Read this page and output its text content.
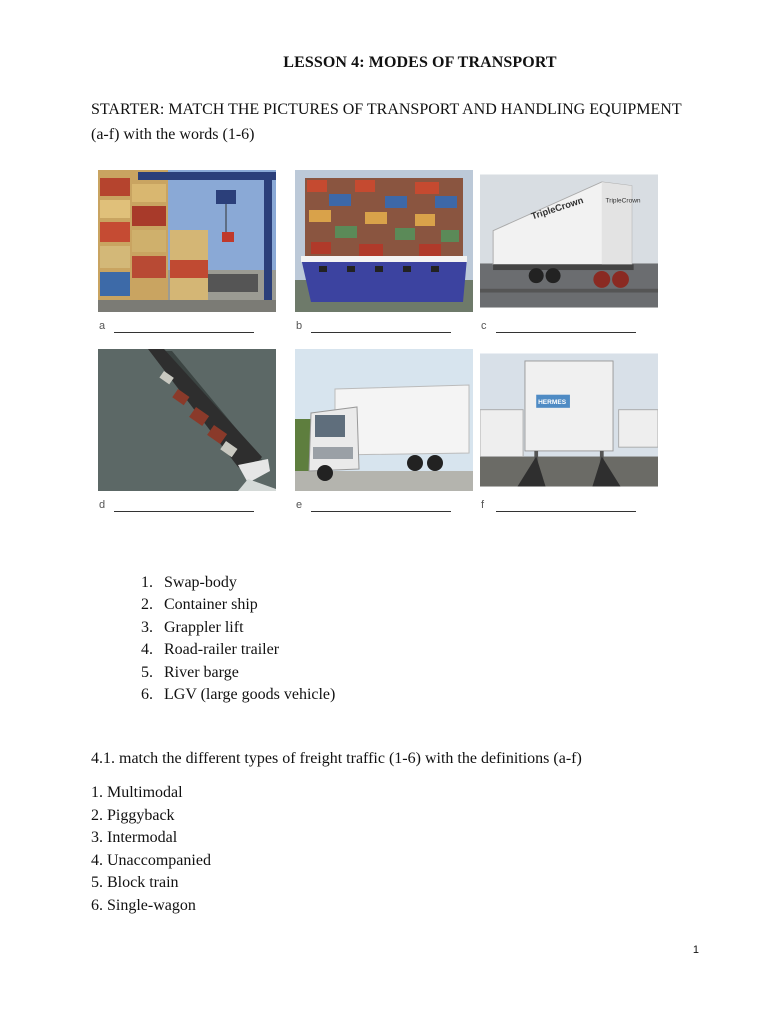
LESSON 4: MODES OF TRANSPORT
STARTER: MATCH THE PICTURES OF TRANSPORT AND HANDLING EQUIPMENT (a-f) with the words (1-6)
a	b
TripleCrown	TripleCrown
c
d	e
HERMES
f
1. Swap-body
2. Container ship
3. Grappler lift
4. Road-railer trailer
5. River barge
6. LGV (large goods vehicle)
4.1. match the different types of freight traffic (1-6) with the definitions (a-f)
1. Multimodal
2. Piggyback
3. Intermodal
4. Unaccompanied
5. Block train
6. Single-wagon
1
